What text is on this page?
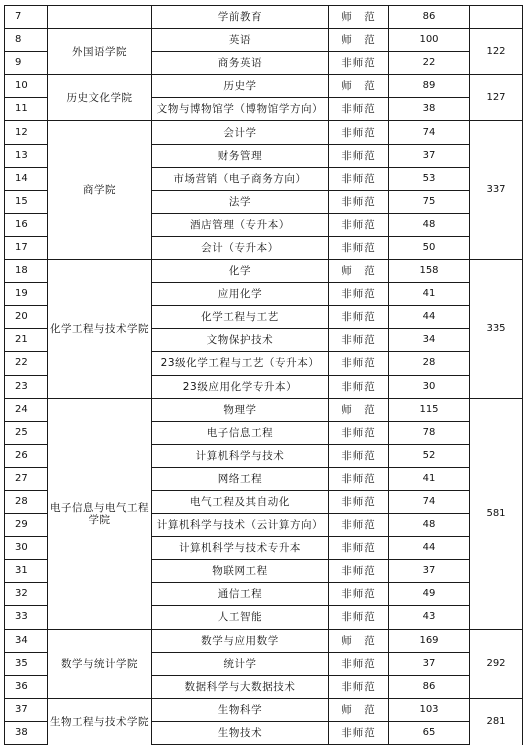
7		学前教育	师　范	86	
8	外国语学院	英语	师　范	100	122
9		商务英语	非师范	22	
10	历史文化学院	历史学	师　范	89	127
11		文物与博物馆学（博物馆学方向）	非师范	38	
12	商学院	会计学	非师范	74	337
13		财务管理	非师范	37	
14		市场营销（电子商务方向）	非师范	53	
15		法学	非师范	75	
16		酒店管理（专升本）	非师范	48	
17		会计（专升本）	非师范	50	
18	化学工程与技术学院	化学	师　范	158	335
19		应用化学	非师范	41	
20		化学工程与工艺	非师范	44	
21		文物保护技术	非师范	34	
22		23级化学工程与工艺（专升本）	非师范	28	
23		23级应用化学专升本）	非师范	30	
24	电子信息与电气工程学院	物理学	师　范	115	581
25		电子信息工程	非师范	78	
26		计算机科学与技术	非师范	52	
27		网络工程	非师范	41	
28		电气工程及其自动化	非师范	74	
29		计算机科学与技术（云计算方向）	非师范	48	
30		计算机科学与技术专升本	非师范	44	
31		物联网工程	非师范	37	
32		通信工程	非师范	49	
33		人工智能	非师范	43	
34	数学与统计学院	数学与应用数学	师　范	169	292
35		统计学	非师范	37	
36		数据科学与大数据技术	非师范	86	
37	生物工程与技术学院	生物科学	师　范	103	281
38		生物技术	非师范	65	
